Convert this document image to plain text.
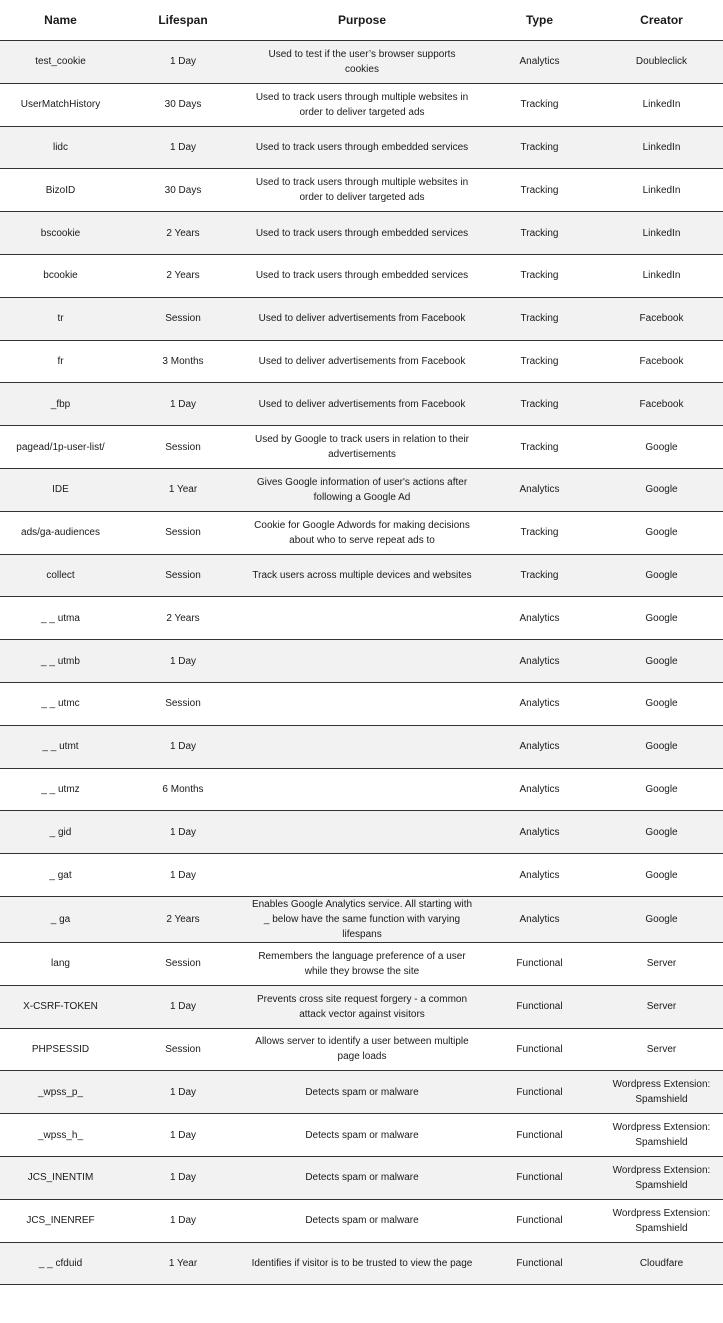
Name	Lifespan	Purpose	Type	Creator
test_cookie	1 Day	Used to test if the user’s browser supports cookies	Analytics	Doubleclick
UserMatchHistory	30 Days	Used to track users through multiple websites in order to deliver targeted ads	Tracking	LinkedIn
lidc	1 Day	Used to track users through embedded services	Tracking	LinkedIn
BizoID	30 Days	Used to track users through multiple websites in order to deliver targeted ads	Tracking	LinkedIn
bscookie	2 Years	Used to track users through embedded services	Tracking	LinkedIn
bcookie	2 Years	Used to track users through embedded services	Tracking	LinkedIn
tr	Session	Used to deliver advertisements from Facebook	Tracking	Facebook
fr	3 Months	Used to deliver advertisements from Facebook	Tracking	Facebook
_fbp	1 Day	Used to deliver advertisements from Facebook	Tracking	Facebook
pagead/1p-user-list/	Session	Used by Google to track users in relation to their advertisements	Tracking	Google
IDE	1 Year	Gives Google information of user's actions after following a Google Ad	Analytics	Google
ads/ga-audiences	Session	Cookie for Google Adwords for making decisions about who to serve repeat ads to	Tracking	Google
collect	Session	Track users across multiple devices and websites	Tracking	Google
_ _ utma	2 Years		Analytics	Google
_ _ utmb	1 Day		Analytics	Google
_ _ utmc	Session		Analytics	Google
_ _ utmt	1 Day		Analytics	Google
_ _ utmz	6 Months		Analytics	Google
_ gid	1 Day		Analytics	Google
_ gat	1 Day		Analytics	Google
_ ga	2 Years	Enables Google Analytics service. All starting with _ below have the same function with varying lifespans	Analytics	Google
lang	Session	Remembers the language preference of a user while they browse the site	Functional	Server
X-CSRF-TOKEN	1 Day	Prevents cross site request forgery - a common attack vector against visitors	Functional	Server
PHPSESSID	Session	Allows server to identify a user between multiple page loads	Functional	Server
_wpss_p_	1 Day	Detects spam or malware	Functional	Wordpress Extension: Spamshield
_wpss_h_	1 Day	Detects spam or malware	Functional	Wordpress Extension: Spamshield
JCS_INENTIM	1 Day	Detects spam or malware	Functional	Wordpress Extension: Spamshield
JCS_INENREF	1 Day	Detects spam or malware	Functional	Wordpress Extension: Spamshield
_ _ cfduid	1 Year	Identifies if visitor is to be trusted to view the page	Functional	Cloudfare
